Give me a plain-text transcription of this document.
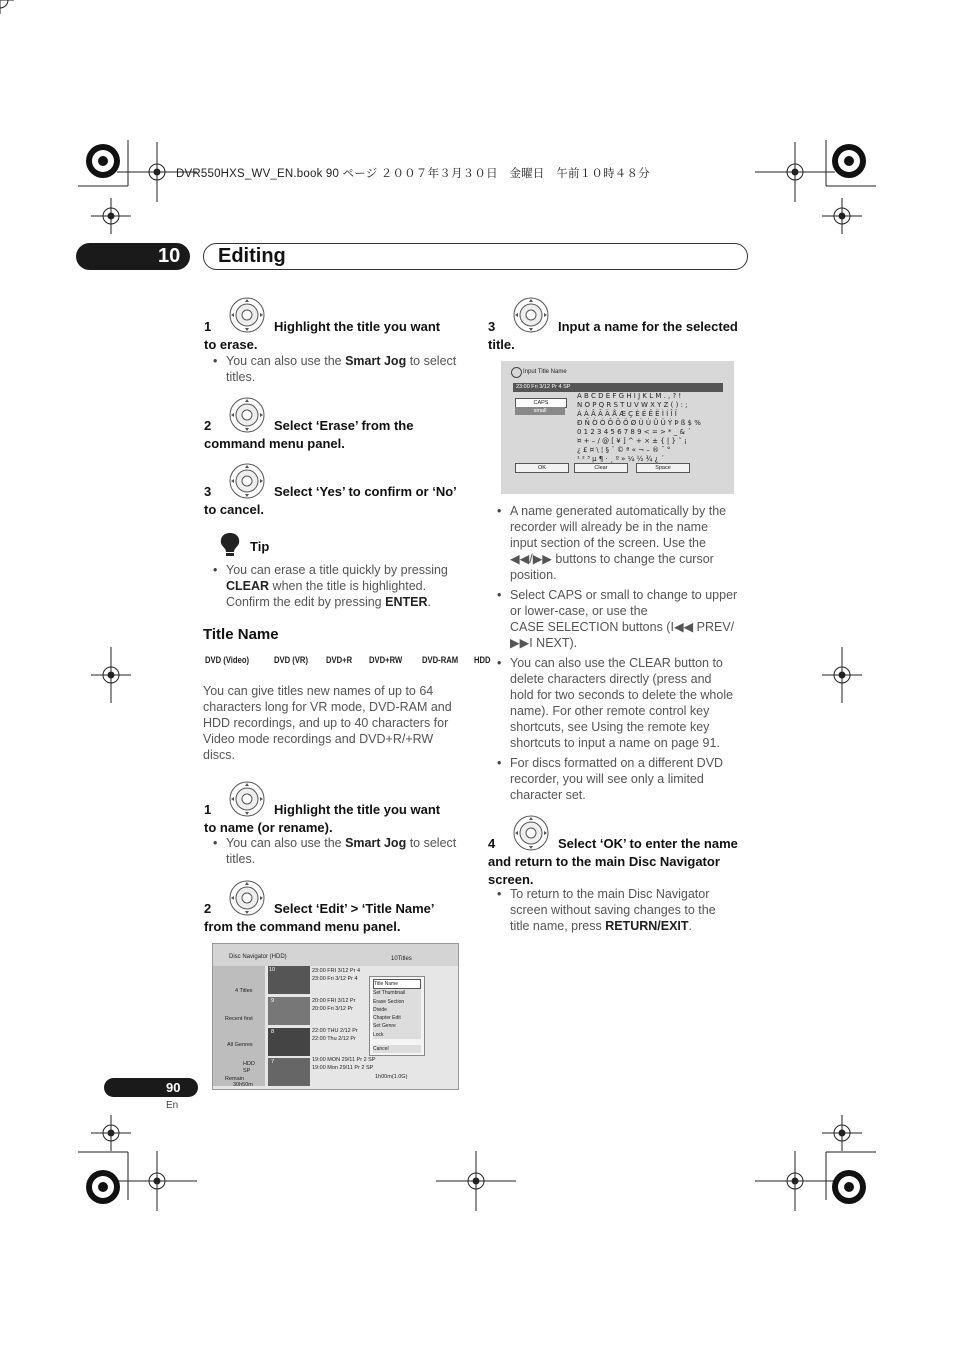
DVR550HXS_WV_EN.book 90 ページ ２００７年３月３０日　金曜日　午前１０時４８分
10 Editing
1	Highlight the title you want
to erase.
• You can also use the Smart Jog to select
titles.
2	Select ‘Erase’ from the
command menu panel.
3	Select ‘Yes’ to confirm or ‘No’
to cancel.
Tip
• You can erase a title quickly by pressing
CLEAR when the title is highlighted.
Confirm the edit by pressing ENTER.
Title Name
DVD (Video)	DVD (VR)	DVD+R	DVD+RW	DVD-RAM HDD
You can give titles new names of up to 64
characters long for VR mode, DVD-RAM and
HDD recordings, and up to 40 characters for
Video mode recordings and DVD+R/+RW
discs.
1	Highlight the title you want
to name (or rename).
• You can also use the Smart Jog to select
titles.
2	Select ‘Edit’ > ‘Title Name’
from the command menu panel.
Disc Navigator (HDD)	10Titles
4 Titles
Recent first
All Genres
HDD
SP
Remain
30h50m
10
9
8
7
23:00 FRI 3/12 Pr 4
23:00 Fri 3/12 Pr 4
20:00 FRI 3/12 Pr
20:00 Fri 3/12 Pr
22:00 THU 2/12 Pr
22:00 Thu 2/12 Pr
19:00 MON 29/11 Pr 2 SP
19:00 Mon 29/11 Pr 2 SP
1h00m(1.0G)
Title Name
Set Thumbnail
Erase Section
Divide
Chapter Edit
Set Genre
Lock
Cancel
3	Input a name for the selected
title.
Input Title Name
23:00 Fri 3/12 Pr 4 SP
CAPS
small
A B C D E F G H I J K L M . , ? !
N O P Q R S T U V W X Y Z ( ) : ;
À Á Â Ã Ä Å Æ Ç È É Ê Ë Ì Í Î Ï
Ð Ñ Ò Ó Ô Õ Ö Ø Ù Ú Û Ü Ý Þ ß $ %
0 1 2 3 4 5 6 7 8 9 < = > * _ & ´
¤ + – / @ [ ¥ ] ^ + × ± { | } ˜ ¡
¿ £ ¤ \ ¦ § ¨ © ª « ¬ – ® ¯ °
¹ ² ³ µ ¶ · ¸ º » ¼ ½ ¾ ¿ ´
OK	Clear	Space
• A name generated automatically by the
recorder will already be in the name
input section of the screen. Use the
◀◀/▶▶ buttons to change the cursor
position.
• Select CAPS or small to change to upper
or lower-case, or use the
CASE SELECTION buttons (I◀◀ PREV/
▶▶I NEXT).
• You can also use the CLEAR button to
delete characters directly (press and
hold for two seconds to delete the whole
name). For other remote control key
shortcuts, see Using the remote key
shortcuts to input a name on page 91.
• For discs formatted on a different DVD
recorder, you will see only a limited
character set.
4	Select ‘OK’ to enter the name
and return to the main Disc Navigator
screen.
• To return to the main Disc Navigator
screen without saving changes to the
title name, press RETURN/EXIT.
90
En
